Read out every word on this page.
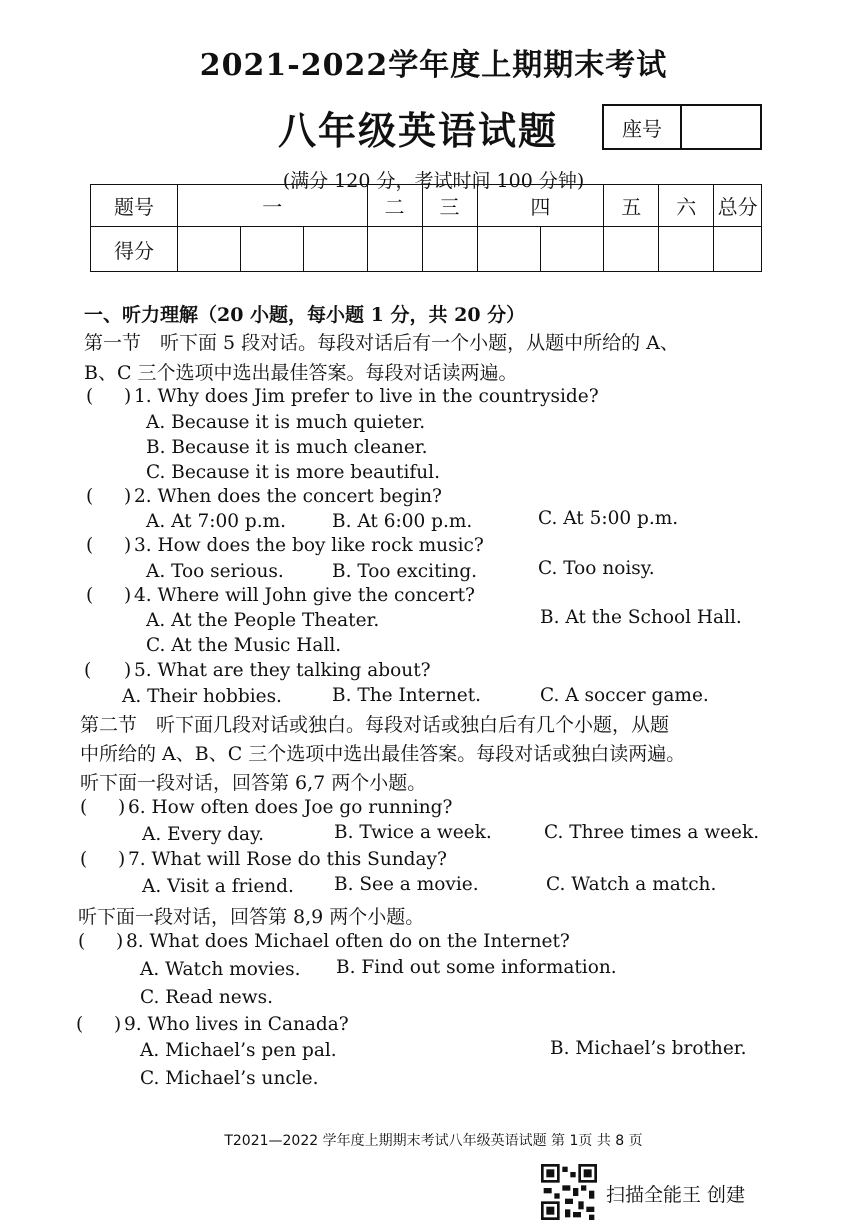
2021-2022学年度上期期末考试
八年级英语试题	座号
(满分 120 分，考试时间 100 分钟)
题号	一			二	三	四		五	六	总分
得分										
一、听力理解（20 小题，每小题 1 分，共 20 分）
第一节　听下面 5 段对话。每段对话后有一个小题，从题中所给的 A、
B、C 三个选项中选出最佳答案。每段对话读两遍。
( ) 1. Why does Jim prefer to live in the countryside?
A. Because it is much quieter.
B. Because it is much cleaner.
C. Because it is more beautiful.
( ) 2. When does the concert begin?
A. At 7:00 p.m. B. At 6:00 p.m.	C. At 5:00 p.m.
( ) 3. How does the boy like rock music?
A. Too serious.	B. Too exciting.	C. Too noisy.
( ) 4. Where will John give the concert?
A. At the People Theater.	B. At the School Hall.
C. At the Music Hall.
( ) 5. What are they talking about?
A. Their hobbies.	B. The Internet.	C. A soccer game.
第二节　听下面几段对话或独白。每段对话或独白后有几个小题，从题
中所给的 A、B、C 三个选项中选出最佳答案。每段对话或独白读两遍。
听下面一段对话，回答第 6,7 两个小题。
( ) 6. How often does Joe go running?
A. Every day.	B. Twice a week.	C. Three times a week.
( ) 7. What will Rose do this Sunday?
A. Visit a friend. B. See a movie.	C. Watch a match.
听下面一段对话，回答第 8,9 两个小题。
( ) 8. What does Michael often do on the Internet?
A. Watch movies. B. Find out some information.
C. Read news.
( ) 9. Who lives in Canada?
A. Michael’s pen pal.	B. Michael’s brother.
C. Michael’s uncle.
T2021—2022 学年度上期期末考试八年级英语试题 第 1页 共 8 页
扫描全能王 创建
